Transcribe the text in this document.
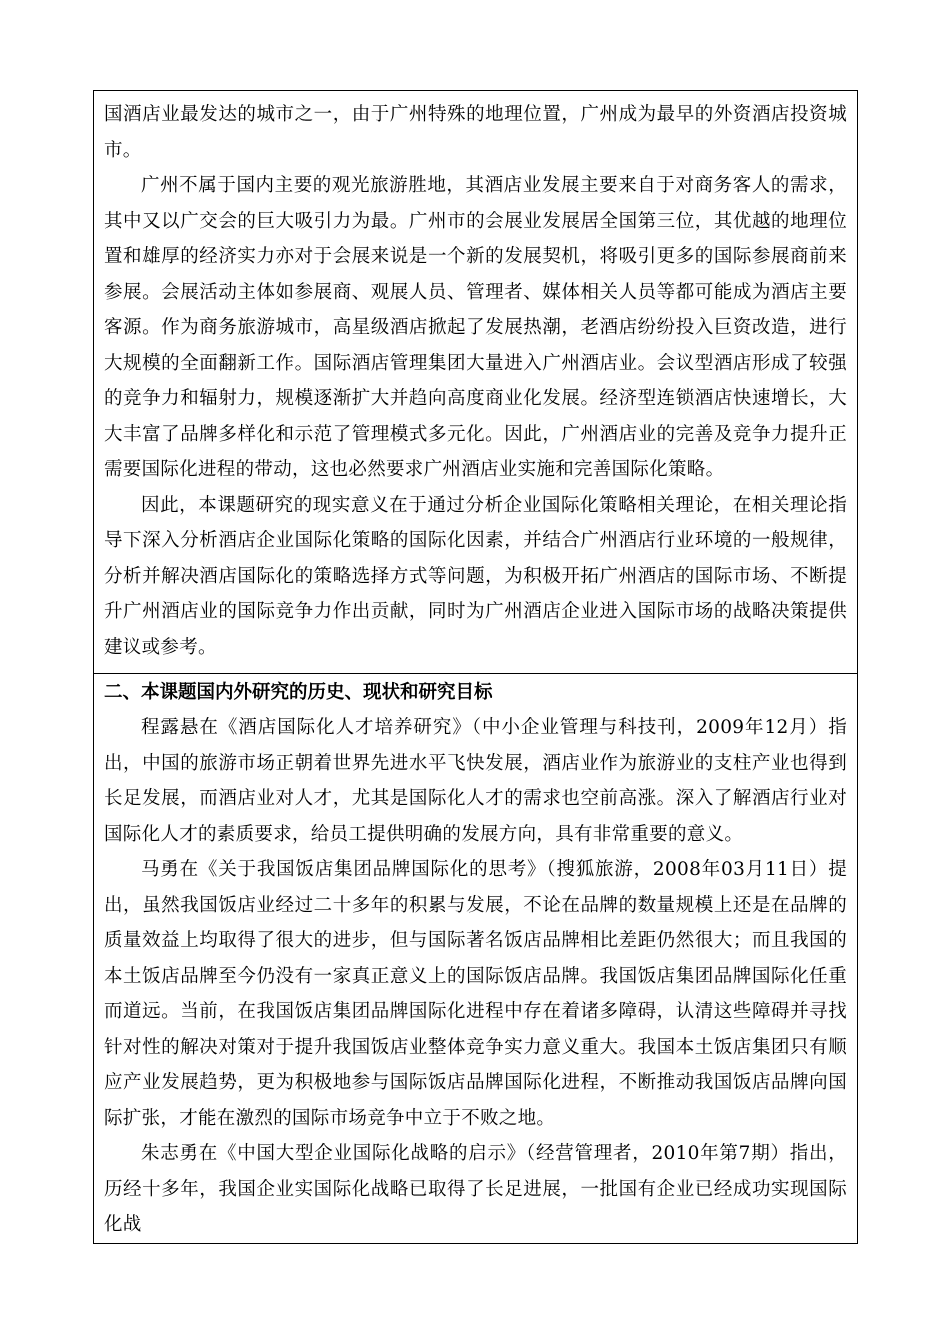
国酒店业最发达的城市之一，由于广州特殊的地理位置，广州成为最早的外资酒店投资城市。

广州不属于国内主要的观光旅游胜地，其酒店业发展主要来自于对商务客人的需求，其中又以广交会的巨大吸引力为最。广州市的会展业发展居全国第三位，其优越的地理位置和雄厚的经济实力亦对于会展来说是一个新的发展契机，将吸引更多的国际参展商前来参展。会展活动主体如参展商、观展人员、管理者、媒体相关人员等都可能成为酒店主要客源。作为商务旅游城市，高星级酒店掀起了发展热潮，老酒店纷纷投入巨资改造，进行大规模的全面翻新工作。国际酒店管理集团大量进入广州酒店业。会议型酒店形成了较强的竞争力和辐射力，规模逐渐扩大并趋向高度商业化发展。经济型连锁酒店快速增长，大大丰富了品牌多样化和示范了管理模式多元化。因此，广州酒店业的完善及竞争力提升正需要国际化进程的带动，这也必然要求广州酒店业实施和完善国际化策略。

因此，本课题研究的现实意义在于通过分析企业国际化策略相关理论，在相关理论指导下深入分析酒店企业国际化策略的国际化因素，并结合广州酒店行业环境的一般规律，分析并解决酒店国际化的策略选择方式等问题，为积极开拓广州酒店的国际市场、不断提升广州酒店业的国际竞争力作出贡献，同时为广州酒店企业进入国际市场的战略决策提供建议或参考。

二、本课题国内外研究的历史、现状和研究目标

程露悬在《酒店国际化人才培养研究》（中小企业管理与科技刊，2009年12月）指出，中国的旅游市场正朝着世界先进水平飞快发展，酒店业作为旅游业的支柱产业也得到长足发展，而酒店业对人才，尤其是国际化人才的需求也空前高涨。深入了解酒店行业对国际化人才的素质要求，给员工提供明确的发展方向，具有非常重要的意义。

马勇在《关于我国饭店集团品牌国际化的思考》（搜狐旅游，2008年03月11日）提出，虽然我国饭店业经过二十多年的积累与发展，不论在品牌的数量规模上还是在品牌的质量效益上均取得了很大的进步，但与国际著名饭店品牌相比差距仍然很大；而且我国的本土饭店品牌至今仍没有一家真正意义上的国际饭店品牌。我国饭店集团品牌国际化任重而道远。当前，在我国饭店集团品牌国际化进程中存在着诸多障碍，认清这些障碍并寻找针对性的解决对策对于提升我国饭店业整体竞争实力意义重大。我国本土饭店集团只有顺应产业发展趋势，更为积极地参与国际饭店品牌国际化进程，不断推动我国饭店品牌向国际扩张，才能在激烈的国际市场竞争中立于不败之地。

朱志勇在《中国大型企业国际化战略的启示》（经营管理者，2010年第7期）指出，历经十多年，我国企业实国际化战略已取得了长足进展，一批国有企业已经成功实现国际化战
